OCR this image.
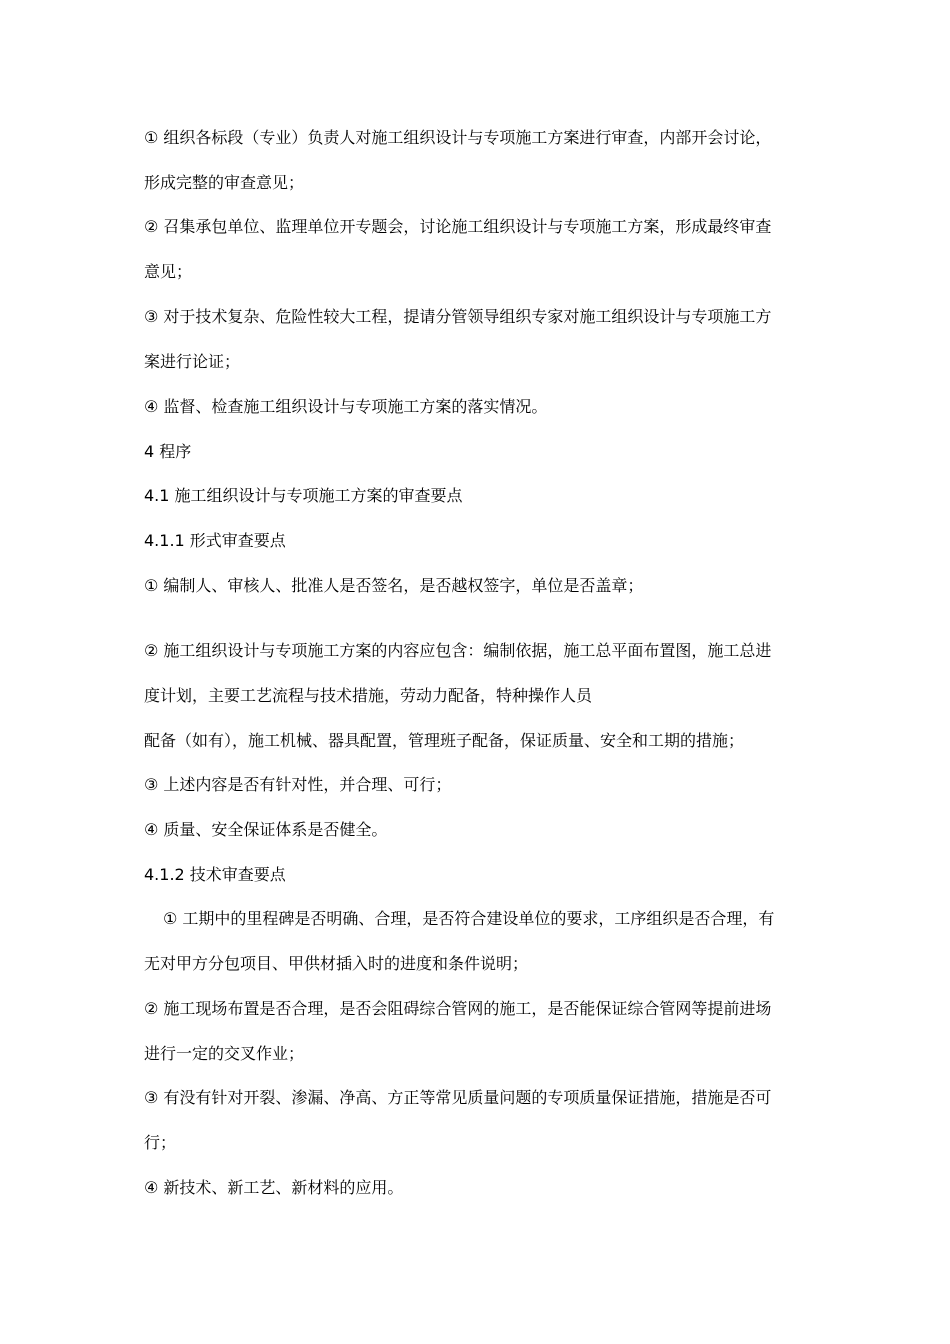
① 组织各标段（专业）负责人对施工组织设计与专项施工方案进行审查，内部开会讨论，
形成完整的审查意见；
② 召集承包单位、监理单位开专题会，讨论施工组织设计与专项施工方案，形成最终审查
意见；
③ 对于技术复杂、危险性较大工程，提请分管领导组织专家对施工组织设计与专项施工方
案进行论证；
④ 监督、检查施工组织设计与专项施工方案的落实情况。
4 程序
4.1 施工组织设计与专项施工方案的审查要点
4.1.1 形式审查要点
① 编制人、审核人、批准人是否签名，是否越权签字，单位是否盖章；
② 施工组织设计与专项施工方案的内容应包含：编制依据，施工总平面布置图，施工总进
度计划，主要工艺流程与技术措施，劳动力配备，特种操作人员
配备（如有），施工机械、器具配置，管理班子配备，保证质量、安全和工期的措施；
③ 上述内容是否有针对性，并合理、可行；
④ 质量、安全保证体系是否健全。
4.1.2 技术审查要点
① 工期中的里程碑是否明确、合理，是否符合建设单位的要求，工序组织是否合理，有
无对甲方分包项目、甲供材插入时的进度和条件说明；
② 施工现场布置是否合理，是否会阻碍综合管网的施工，是否能保证综合管网等提前进场
进行一定的交叉作业；
③ 有没有针对开裂、渗漏、净高、方正等常见质量问题的专项质量保证措施，措施是否可
行；
④ 新技术、新工艺、新材料的应用。
